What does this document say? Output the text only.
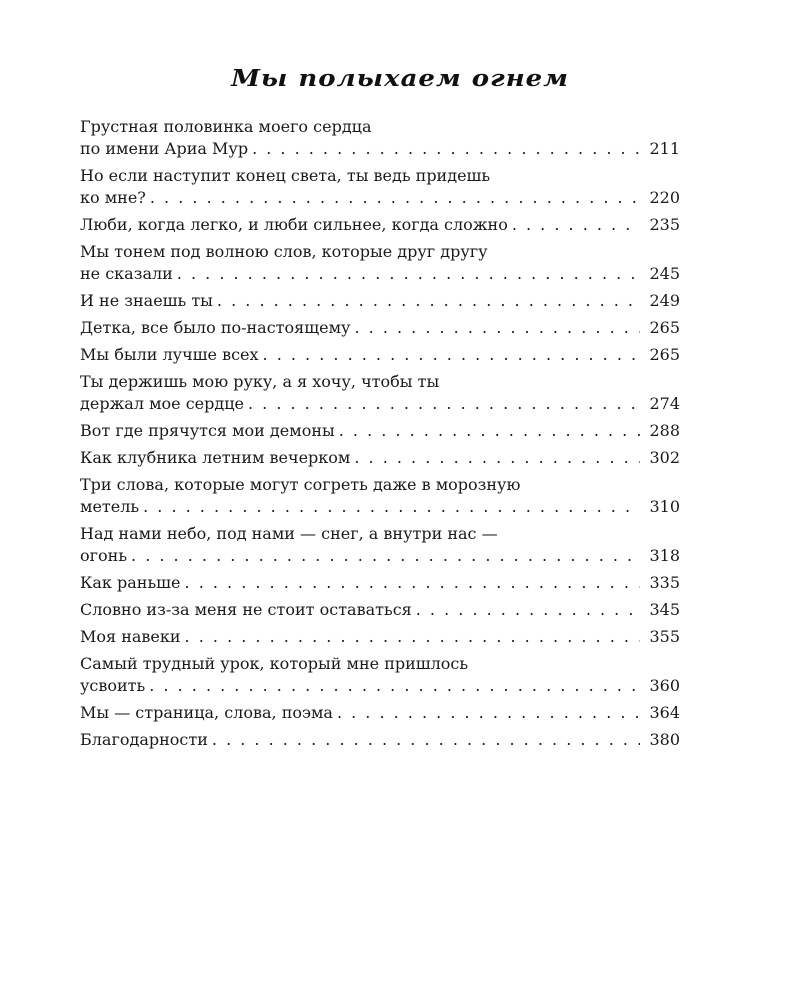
Мы полыхаем огнем
Грустная половинка моего сердца
по имени Ариа Мур . . .	211
Но если наступит конец света, ты ведь придешь
ко мне? . . .	220
Люби, когда легко, и люби сильнее, когда сложно . . .	235
Мы тонем под волною слов, которые друг другу
не сказали . . .	245
И не знаешь ты . . .	249
Детка, все было по-настоящему . . .	265
Мы были лучше всех . . .	265
Ты держишь мою руку, а я хочу, чтобы ты
держал мое сердце . . .	274
Вот где прячутся мои демоны . . .	288
Как клубника летним вечерком . . .	302
Три слова, которые могут согреть даже в морозную
метель . . .	310
Над нами небо, под нами — снег, а внутри нас —
огонь . . .	318
Как раньше . . .	335
Словно из-за меня не стоит оставаться . . .	345
Моя навеки . . .	355
Самый трудный урок, который мне пришлось
усвоить . . .	360
Мы — страница, слова, поэма . . .	364
Благодарности . . .	380
